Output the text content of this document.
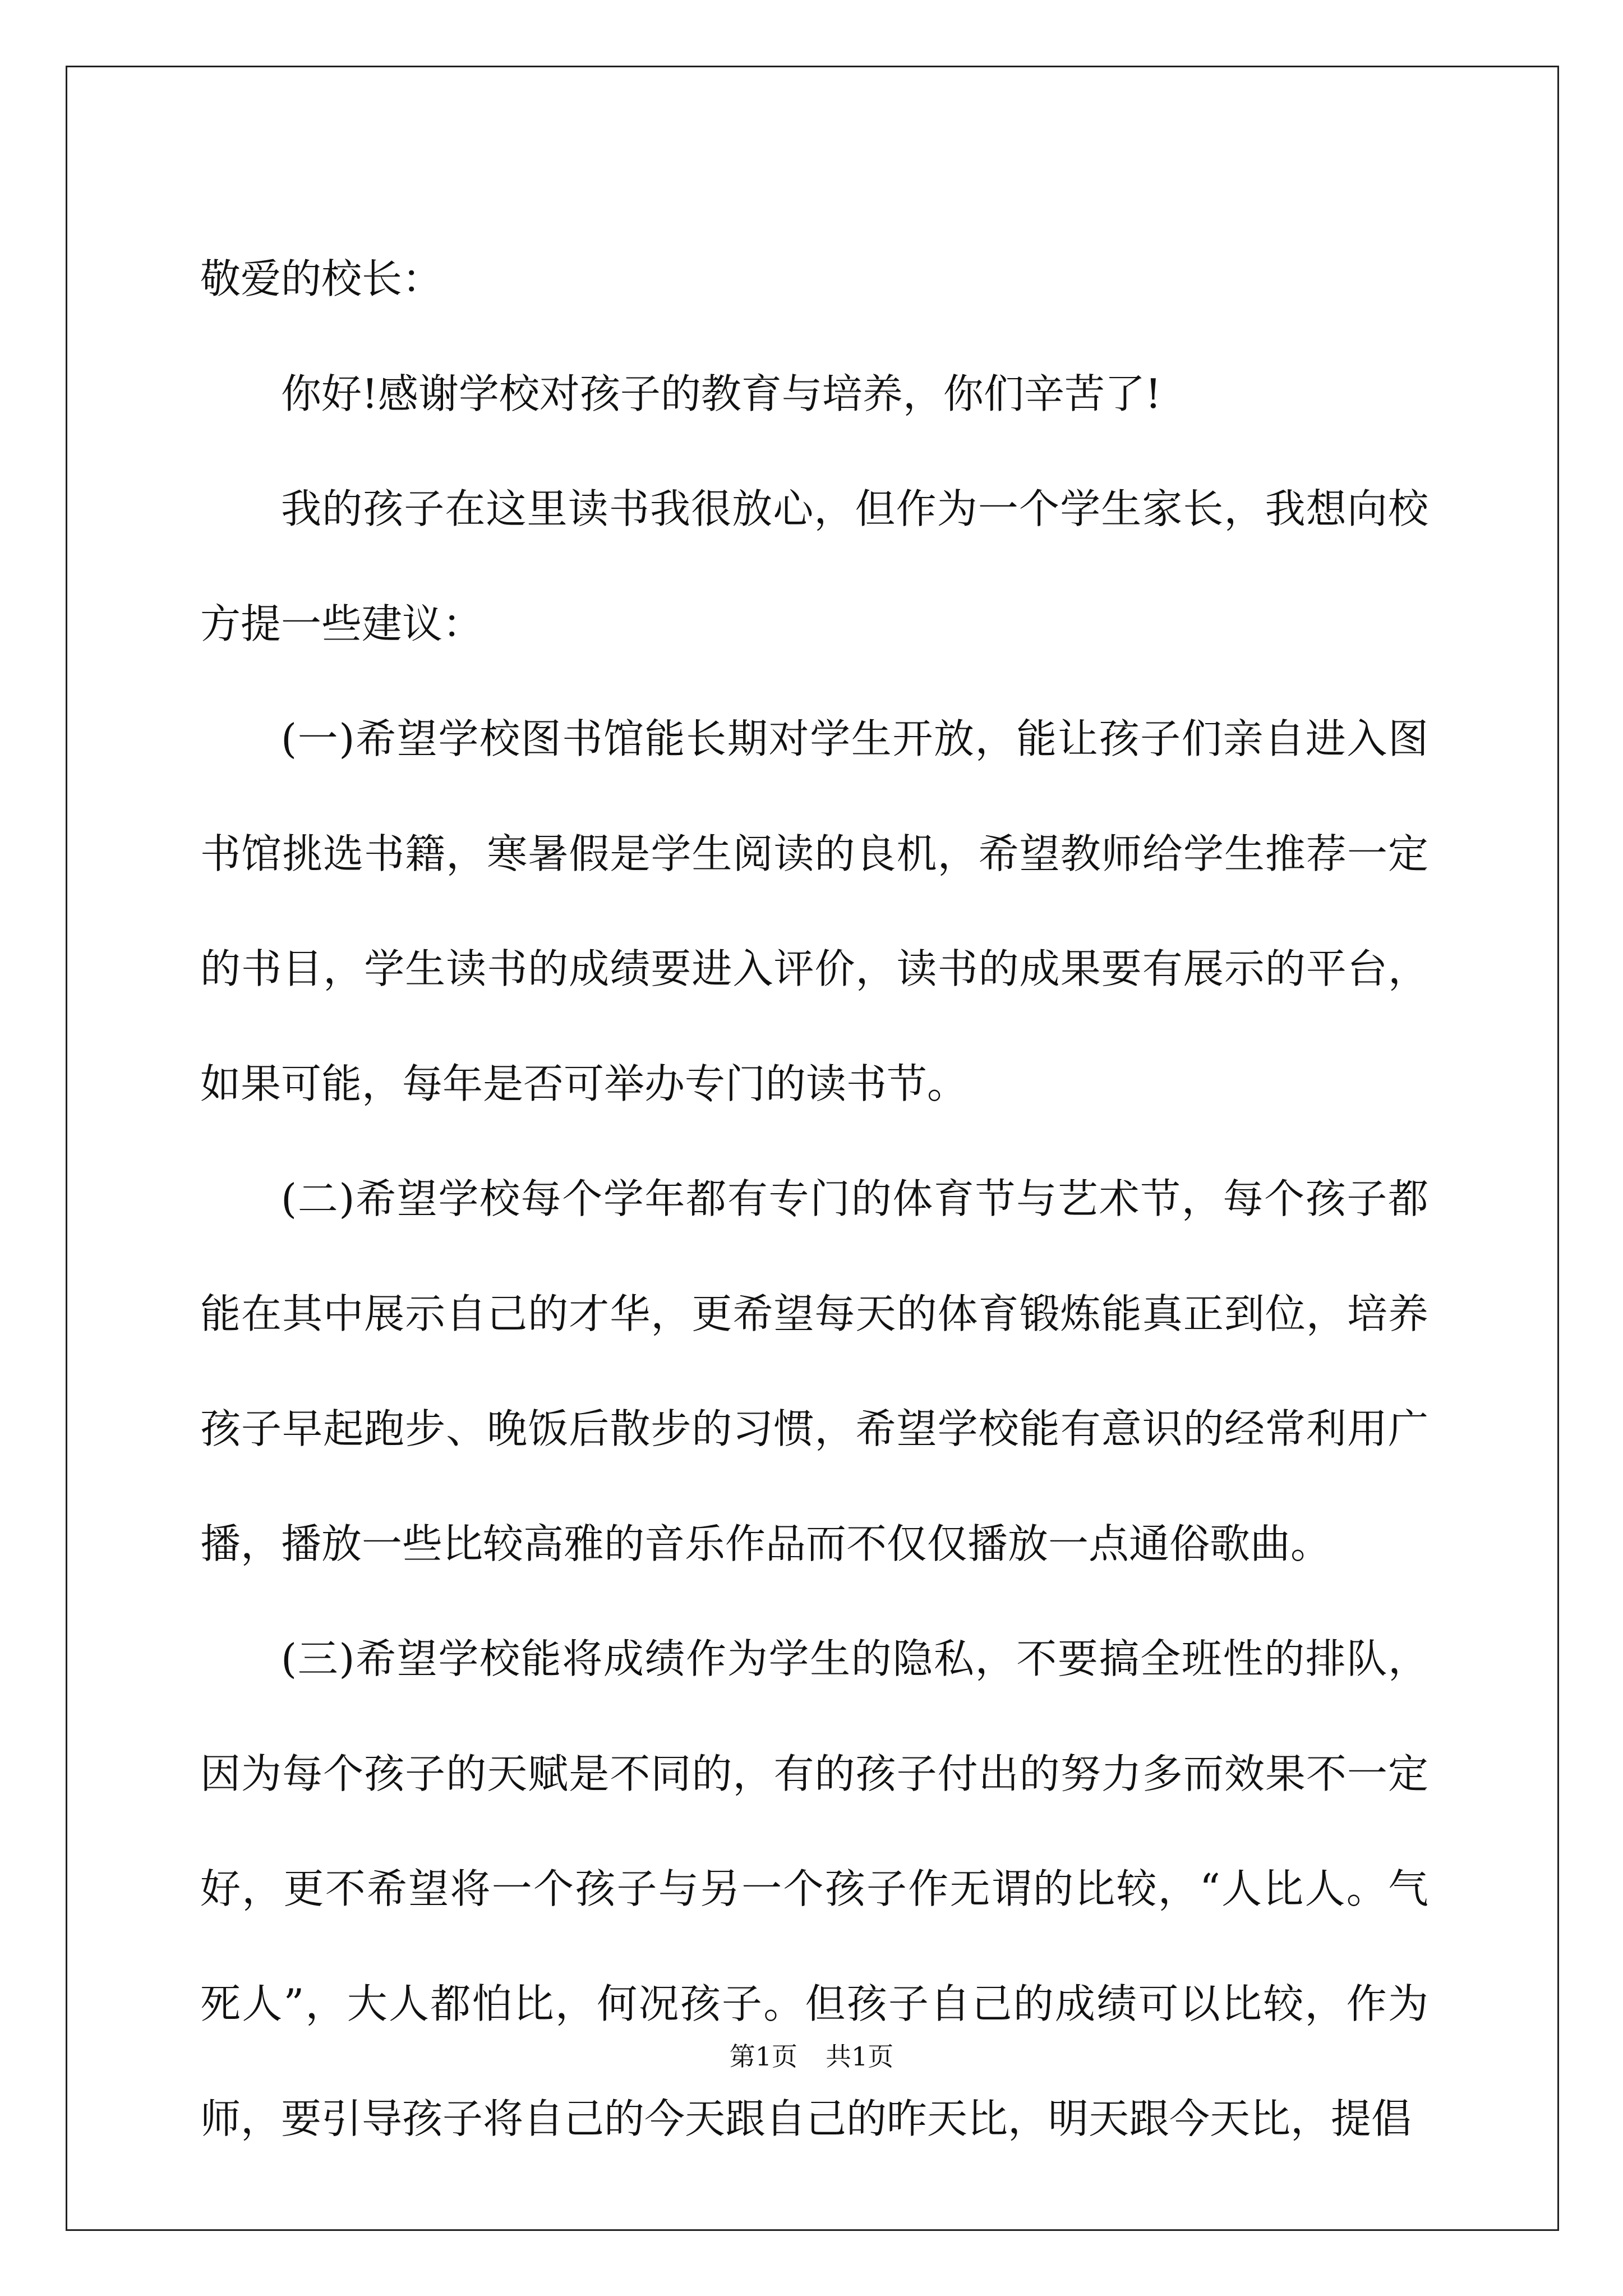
敬爱的校长：
你好!感谢学校对孩子的教育与培养，你们辛苦了!
我的孩子在这里读书我很放心，但作为一个学生家长，我想向校
方提一些建议：
(一)希望学校图书馆能长期对学生开放，能让孩子们亲自进入图
书馆挑选书籍，寒暑假是学生阅读的良机，希望教师给学生推荐一定
的书目，学生读书的成绩要进入评价，读书的成果要有展示的平台，
如果可能，每年是否可举办专门的读书节。
(二)希望学校每个学年都有专门的体育节与艺术节，每个孩子都
能在其中展示自己的才华，更希望每天的体育锻炼能真正到位，培养
孩子早起跑步、晚饭后散步的习惯，希望学校能有意识的经常利用广
播，播放一些比较高雅的音乐作品而不仅仅播放一点通俗歌曲。
(三)希望学校能将成绩作为学生的隐私，不要搞全班性的排队，
因为每个孩子的天赋是不同的，有的孩子付出的努力多而效果不一定
好，更不希望将一个孩子与另一个孩子作无谓的比较，“人比人。气
死人”，大人都怕比，何况孩子。但孩子自己的成绩可以比较，作为
师，要引导孩子将自己的今天跟自己的昨天比，明天跟今天比，提倡
第1页 共1页
